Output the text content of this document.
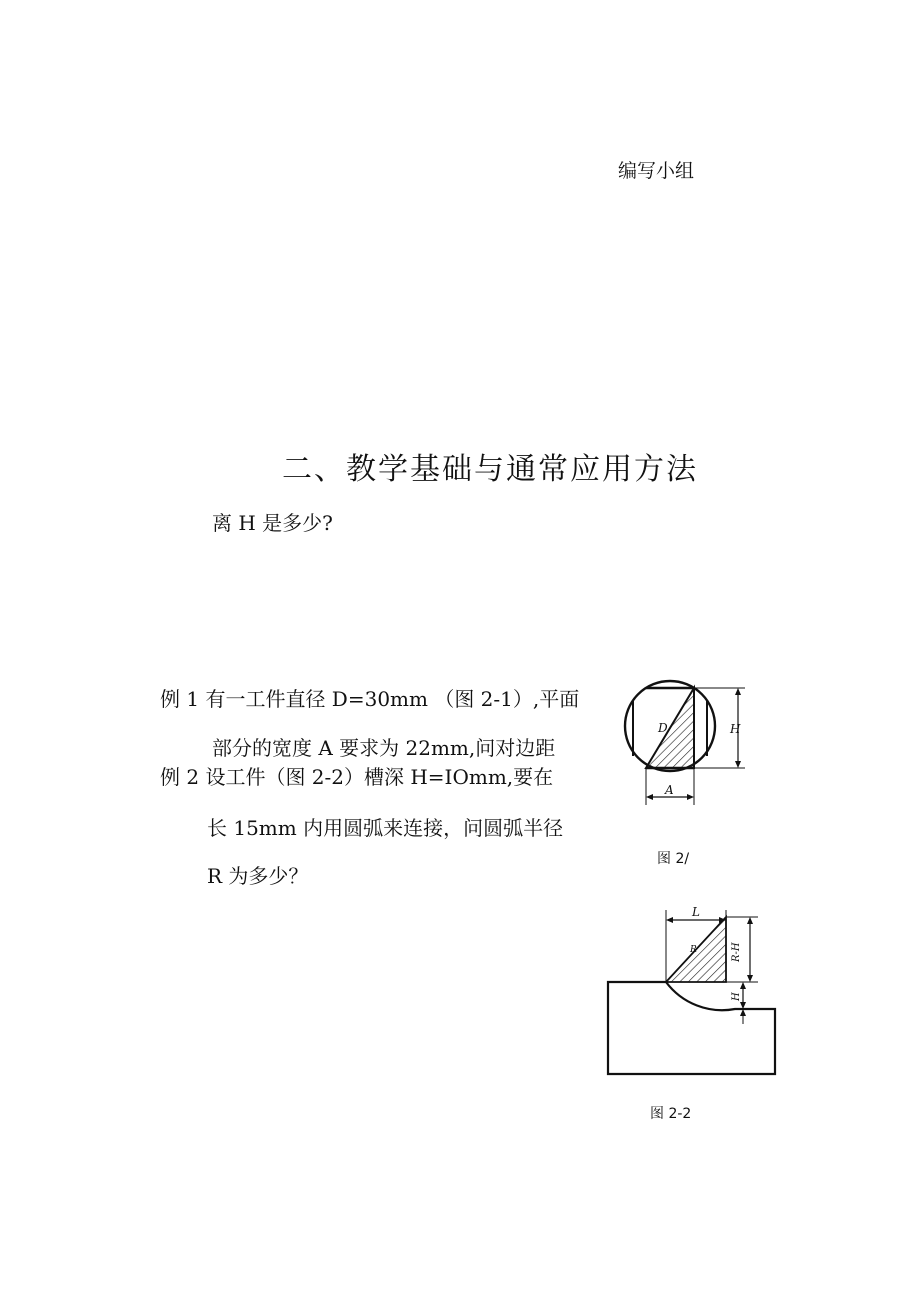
编写小组
二、教学基础与通常应用方法
离 H 是多少?
例 1 有一工件直径 D=30mm （图 2-1）,平面
部分的宽度 A 要求为 22mm,问对边距
例 2 设工件（图 2-2）槽深 H=IOmm,要在
长 15mm 内用圆弧来连接，问圆弧半径
R 为多少？
D	H
A
图 2/
L
R	R-H
H
图 2-2
